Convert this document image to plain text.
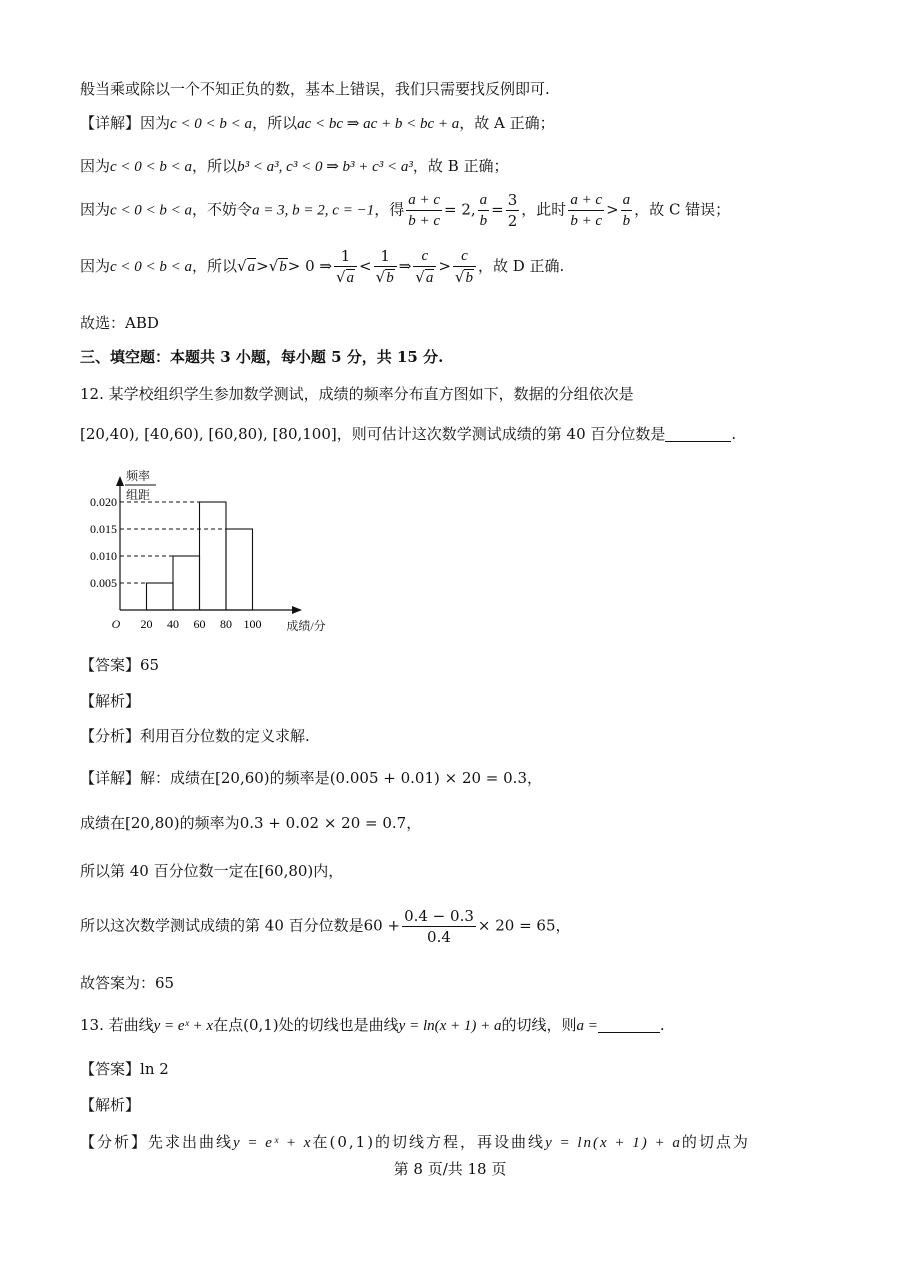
般当乘或除以一个不知正负的数，基本上错误，我们只需要找反例即可.
【详解】因为c < 0 < b < a，所以ac < bc ⇒ ac + b < bc + a，故 A 正确；
因为c < 0 < b < a，所以b³ < a³, c³ < 0 ⇒ b³ + c³ < a³，故 B 正确；
因为c < 0 < b < a，不妨令a = 3, b = 2, c = −1，得 $\frac{a + c}{b + c} = 2$, $\frac{a}{b} = \frac{3}{2}$ ，此时 $\frac{a + c}{b + c} > \frac{a}{b}$ ，故 C 错误；
因为c < 0 < b < a，所以√a>√b> 0 ⇒ $\frac{1}{√a} < \frac{1}{√b}$ ⇒ $\frac{c}{√a} > \frac{c}{√b}$ ，故 D 正确.
故选：ABD
三、填空题：本题共 3 小题，每小题 5 分，共 15 分.
12. 某学校组织学生参加数学测试，成绩的频率分布直方图如下，数据的分组依次是
[20,40), [40,60), [60,80), [80,100]，则可估计这次数学测试成绩的第 40 百分位数是	.
频率
组距
O	成绩/分
0.005
0.010
0.015
0.020
20 40 60 80 100
【答案】65
【解析】
【分析】利用百分位数的定义求解.
【详解】解：成绩在[20,60)的频率是(0.005 + 0.01) × 20 = 0.3，
成绩在[20,80)的频率为0.3 + 0.02 × 20 = 0.7，
所以第 40 百分位数一定在[60,80)内，
所以这次数学测试成绩的第 40 百分位数是$60 + \frac{0.4 - 0.3}{0.4} \times 20 = 65$，
故答案为：65
13. 若曲线y = eˣ + x在点(0,1)处的切线也是曲线y = ln(x + 1) + a的切线，则a =	.
【答案】ln 2
【解析】
【分析】先求出曲线y = eˣ + x在(0,1)的切线方程，再设曲线y = ln(x + 1) + a的切点为
第 8 页/共 18 页
